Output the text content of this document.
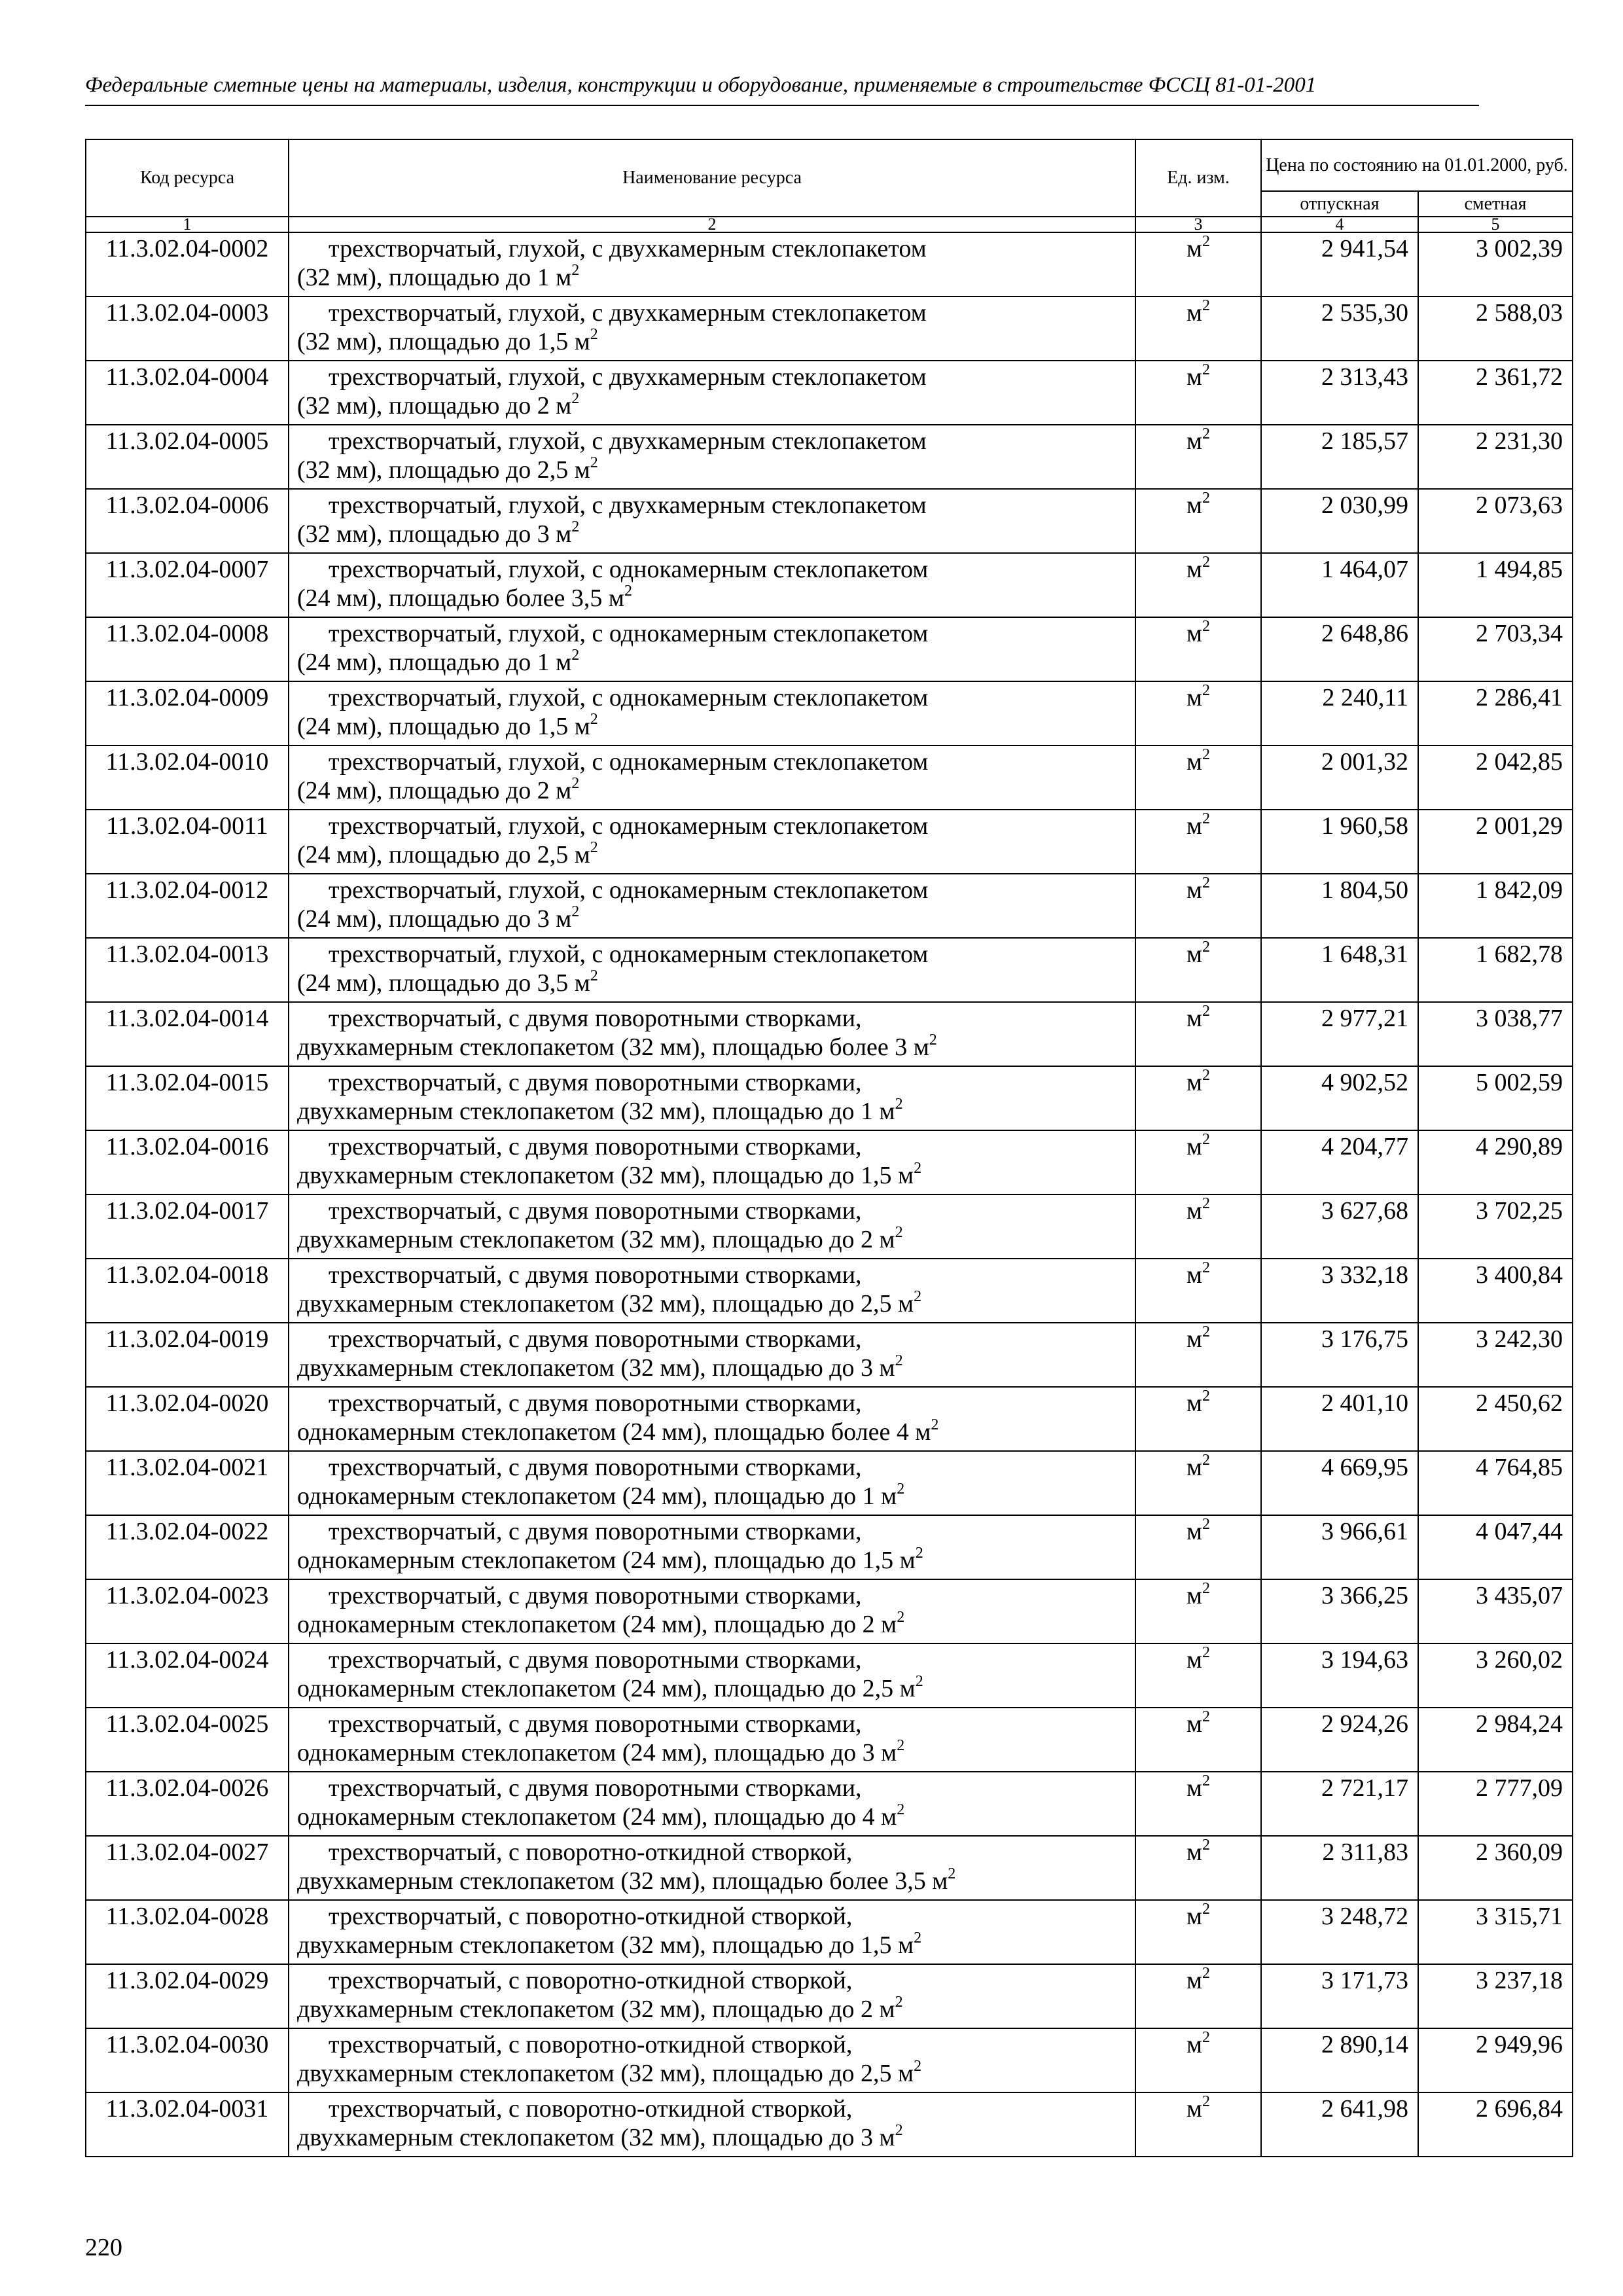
Федеральные сметные цены на материалы, изделия, конструкции и оборудование, применяемые в строительстве ФССЦ 81-01-2001
Код ресурса	Наименование ресурса	Ед. изм.	Цена по состоянию на 01.01.2000, руб.	
			отпускная	сметная
1	2	3	4	5
11.3.02.04-0002	трехстворчатый, глухой, с двухкамерным стеклопакетом
(32 мм), площадью до 1 $м^2$	$м^2$	2 941,54	3 002,39
11.3.02.04-0003	трехстворчатый, глухой, с двухкамерным стеклопакетом
(32 мм), площадью до 1,5 $м^2$	$м^2$	2 535,30	2 588,03
11.3.02.04-0004	трехстворчатый, глухой, с двухкамерным стеклопакетом
(32 мм), площадью до 2 $м^2$	$м^2$	2 313,43	2 361,72
11.3.02.04-0005	трехстворчатый, глухой, с двухкамерным стеклопакетом
(32 мм), площадью до 2,5 $м^2$	$м^2$	2 185,57	2 231,30
11.3.02.04-0006	трехстворчатый, глухой, с двухкамерным стеклопакетом
(32 мм), площадью до 3 $м^2$	$м^2$	2 030,99	2 073,63
11.3.02.04-0007	трехстворчатый, глухой, с однокамерным стеклопакетом
(24 мм), площадью более 3,5 $м^2$	$м^2$	1 464,07	1 494,85
11.3.02.04-0008	трехстворчатый, глухой, с однокамерным стеклопакетом
(24 мм), площадью до 1 $м^2$	$м^2$	2 648,86	2 703,34
11.3.02.04-0009	трехстворчатый, глухой, с однокамерным стеклопакетом
(24 мм), площадью до 1,5 $м^2$	$м^2$	2 240,11	2 286,41
11.3.02.04-0010	трехстворчатый, глухой, с однокамерным стеклопакетом
(24 мм), площадью до 2 $м^2$	$м^2$	2 001,32	2 042,85
11.3.02.04-0011	трехстворчатый, глухой, с однокамерным стеклопакетом
(24 мм), площадью до 2,5 $м^2$	$м^2$	1 960,58	2 001,29
11.3.02.04-0012	трехстворчатый, глухой, с однокамерным стеклопакетом
(24 мм), площадью до 3 $м^2$	$м^2$	1 804,50	1 842,09
11.3.02.04-0013	трехстворчатый, глухой, с однокамерным стеклопакетом
(24 мм), площадью до 3,5 $м^2$	$м^2$	1 648,31	1 682,78
11.3.02.04-0014	трехстворчатый, с двумя поворотными створками,
двухкамерным стеклопакетом (32 мм), площадью более 3 $м^2$	$м^2$	2 977,21	3 038,77
11.3.02.04-0015	трехстворчатый, с двумя поворотными створками,
двухкамерным стеклопакетом (32 мм), площадью до 1 $м^2$	$м^2$	4 902,52	5 002,59
11.3.02.04-0016	трехстворчатый, с двумя поворотными створками,
двухкамерным стеклопакетом (32 мм), площадью до 1,5 $м^2$	$м^2$	4 204,77	4 290,89
11.3.02.04-0017	трехстворчатый, с двумя поворотными створками,
двухкамерным стеклопакетом (32 мм), площадью до 2 $м^2$	$м^2$	3 627,68	3 702,25
11.3.02.04-0018	трехстворчатый, с двумя поворотными створками,
двухкамерным стеклопакетом (32 мм), площадью до 2,5 $м^2$	$м^2$	3 332,18	3 400,84
11.3.02.04-0019	трехстворчатый, с двумя поворотными створками,
двухкамерным стеклопакетом (32 мм), площадью до 3 $м^2$	$м^2$	3 176,75	3 242,30
11.3.02.04-0020	трехстворчатый, с двумя поворотными створками,
однокамерным стеклопакетом (24 мм), площадью более 4 $м^2$	$м^2$	2 401,10	2 450,62
11.3.02.04-0021	трехстворчатый, с двумя поворотными створками,
однокамерным стеклопакетом (24 мм), площадью до 1 $м^2$	$м^2$	4 669,95	4 764,85
11.3.02.04-0022	трехстворчатый, с двумя поворотными створками,
однокамерным стеклопакетом (24 мм), площадью до 1,5 $м^2$	$м^2$	3 966,61	4 047,44
11.3.02.04-0023	трехстворчатый, с двумя поворотными створками,
однокамерным стеклопакетом (24 мм), площадью до 2 $м^2$	$м^2$	3 366,25	3 435,07
11.3.02.04-0024	трехстворчатый, с двумя поворотными створками,
однокамерным стеклопакетом (24 мм), площадью до 2,5 $м^2$	$м^2$	3 194,63	3 260,02
11.3.02.04-0025	трехстворчатый, с двумя поворотными створками,
однокамерным стеклопакетом (24 мм), площадью до 3 $м^2$	$м^2$	2 924,26	2 984,24
11.3.02.04-0026	трехстворчатый, с двумя поворотными створками,
однокамерным стеклопакетом (24 мм), площадью до 4 $м^2$	$м^2$	2 721,17	2 777,09
11.3.02.04-0027	трехстворчатый, с поворотно-откидной створкой,
двухкамерным стеклопакетом (32 мм), площадью более 3,5 $м^2$	$м^2$	2 311,83	2 360,09
11.3.02.04-0028	трехстворчатый, с поворотно-откидной створкой,
двухкамерным стеклопакетом (32 мм), площадью до 1,5 $м^2$	$м^2$	3 248,72	3 315,71
11.3.02.04-0029	трехстворчатый, с поворотно-откидной створкой,
двухкамерным стеклопакетом (32 мм), площадью до 2 $м^2$	$м^2$	3 171,73	3 237,18
11.3.02.04-0030	трехстворчатый, с поворотно-откидной створкой,
двухкамерным стеклопакетом (32 мм), площадью до 2,5 $м^2$	$м^2$	2 890,14	2 949,96
11.3.02.04-0031	трехстворчатый, с поворотно-откидной створкой,
двухкамерным стеклопакетом (32 мм), площадью до 3 $м^2$	$м^2$	2 641,98	2 696,84
220
